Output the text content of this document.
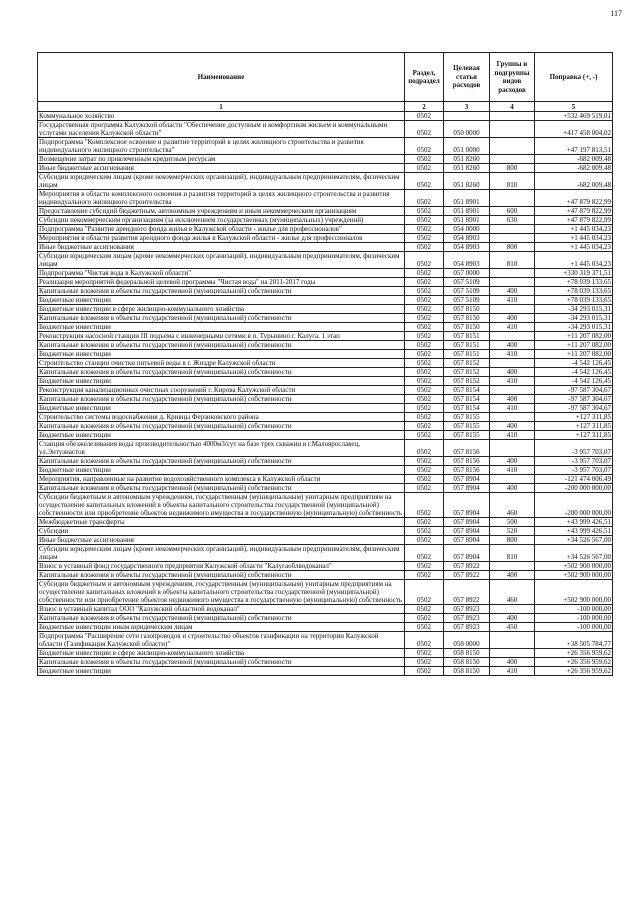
117
Наименование	Раздел, подраздел	Целевая статья расходов	Группы и подгруппы видов расходов	Поправка (+, -)
1	2	3	4	5
Коммунальное хозяйство	0502			+532 469 519,01
Государственная программа Калужской области "Обеспечение доступным и комфортным жильем и коммунальными услугами населения Калужской области"	0502	050 0000		+417 458 004,02
Подпрограмма "Комплексное освоение и развитие территорий в целях жилищного строительства и развития индивидуального жилищного строительства"	0502	051 0000		+47 197 813,51
Возмещение затрат по привлеченным кредитным ресурсам	0502	051 8260		-682 009,48
Иные бюджетные ассигнования	0502	051 8260	800	-682 009,48
Субсидии юридическим лицам (кроме некоммерческих организаций), индивидуальным предпринимателям, физическим лицам	0502	051 8260	810	-682 009,48
Мероприятия в области комплексного освоения и развития территорий в целях жилищного строительства и развития индивидуального жилищного строительства	0502	051 8901		+47 879 822,99
Предоставление субсидий бюджетным, автономным учреждениям и иным некоммерческим организациям	0502	051 8901	600	+47 879 822,99
Субсидии некоммерческим организациям (за исключением государственных (муниципальных) учреждений)	0502	051 8901	630	+47 879 822,99
Подпрограмма "Развитие арендного фонда жилья в Калужской области - жилье для профессионалов"	0502	054 0000		+1 445 034,23
Мероприятия в области развития арендного фонда жилья в Калужской области - жилье для профессионалов	0502	054 8903		+1 445 034,23
Иные бюджетные ассигнования	0502	054 8903	800	+1 445 034,23
Субсидии юридическим лицам (кроме некоммерческих организаций), индивидуальным предпринимателям, физическим лицам	0502	054 8903	810	+1 445 034,23
Подпрограмма "Чистая вода в Калужской области"	0502	057 0000		+330 319 371,51
Реализация мероприятий федеральной целевой программы "Чистая вода" на 2011-2017 годы	0502	057 5109		+78 039 133,65
Капитальные вложения в объекты государственной (муниципальной) собственности	0502	057 5109	400	+78 039 133,65
Бюджетные инвестиции	0502	057 5109	410	+78 039 133,65
Бюджетные инвестиции в сфере жилищно-коммунального хозяйства	0502	057 8150		-34 293 015,31
Капитальные вложения в объекты государственной (муниципальной) собственности	0502	057 8150	400	-34 293 015,31
Бюджетные инвестиции	0502	057 8150	410	-34 293 015,31
Реконструкция насосной станции III подъема с инженерными сетями в п. Турынино г. Калуга. 1 этап	0502	057 8151		+11 207 082,00
Капитальные вложения в объекты государственной (муниципальной) собственности	0502	057 8151	400	+11 207 082,00
Бюджетные инвестиции	0502	057 8151	410	+11 207 082,00
Строительство станции очистки питьевой воды в г. Жиздре Калужской области	0502	057 8152		-4 542 126,45
Капитальные вложения в объекты государственной (муниципальной) собственности	0502	057 8152	400	-4 542 126,45
Бюджетные инвестиции	0502	057 8152	410	-4 542 126,45
Реконструкция канализационных очистных сооружений г. Кирова Калужской области	0502	057 8154		-97 587 304,67
Капитальные вложения в объекты государственной (муниципальной) собственности	0502	057 8154	400	-97 587 304,67
Бюджетные инвестиции	0502	057 8154	410	-97 587 304,67
Строительство системы водоснабжения д. Кривцы Ферзиковского района	0502	057 8155		+127 311,85
Капитальные вложения в объекты государственной (муниципальной) собственности	0502	057 8155	400	+127 311,85
Бюджетные инвестиции	0502	057 8155	410	+127 311,85
Станция обезжелезивания воды производительностью 4000м3/сут на базе трех скважин в г.Малоярославец, ул.Энтузиастов	0502	057 8156		-3 957 703,07
Капитальные вложения в объекты государственной (муниципальной) собственности	0502	057 8156	400	-3 957 703,07
Бюджетные инвестиции	0502	057 8156	410	-3 957 703,07
Мероприятия, направленные на развитие водохозяйственного комплекса в Калужской области	0502	057 8904		-121 474 006,49
Капитальные вложения в объекты государственной (муниципальной) собственности	0502	057 8904	400	-200 000 000,00
Субсидии бюджетным и автономным учреждениям, государственным (муниципальным) унитарным предприятиям на осуществление капитальных вложений в объекты капитального строительства государственной (муниципальной) собственности или приобретение объектов недвижимого имущества в государственную (муниципальную) собственность	0502	057 8904	460	-200 000 000,00
Межбюджетные трансферты	0502	057 8904	500	+43 999 426,51
Субсидии	0502	057 8904	520	+43 999 426,51
Иные бюджетные ассигнования	0502	057 8904	800	+34 526 567,00
Субсидии юридическим лицам (кроме некоммерческих организаций), индивидуальным предпринимателям, физическим лицам	0502	057 8904	810	+34 526 567,00
Взнос в уставный фонд государственного предприятия Калужской области "Калугаоблводоканал"	0502	057 8922		+502 900 000,00
Капитальные вложения в объекты государственной (муниципальной) собственности	0502	057 8922	400	+502 900 000,00
Субсидии бюджетным и автономным учреждениям, государственным (муниципальным) унитарным предприятиям на осуществление капитальных вложений в объекты капитального строительства государственной (муниципальной) собственности или приобретение объектов недвижимого имущества в государственную (муниципальную) собственность	0502	057 8922	460	+502 900 000,00
Взнос в уставный капитал ООО "Калужский областной водоканал"	0502	057 8923		-100 000,00
Капитальные вложения в объекты государственной (муниципальной) собственности	0502	057 8923	400	-100 000,00
Бюджетные инвестиции иным юридическим лицам	0502	057 8923	450	-100 000,00
Подпрограмма "Расширение сети газопроводов и строительство объектов газификации на территории Калужской области (Газификация Калужской области)"	0502	058 0000		+38 505 784,77
Бюджетные инвестиции в сфере жилищно-коммунального хозяйства	0502	058 8150		+26 356 959,62
Капитальные вложения в объекты государственной (муниципальной) собственности	0502	058 8150	400	+26 356 959,62
Бюджетные инвестиции	0502	058 8150	410	+26 356 959,62
